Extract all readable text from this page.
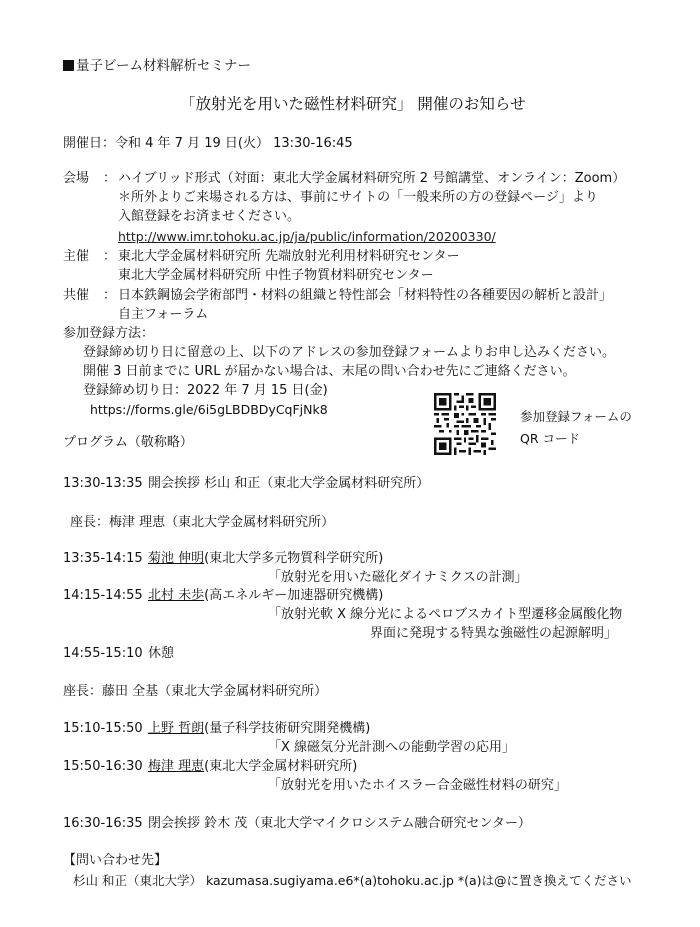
量子ビーム材料解析セミナー
「放射光を用いた磁性材料研究」 開催のお知らせ
開催日：令和 4 年 7 月 19 日(火） 13:30-16:45
会場 ： ハイブリッド形式（対面：東北大学金属材料研究所 2 号館講堂、オンライン：Zoom）
＊所外よりご来場される方は、事前にサイトの「一般来所の方の登録ページ」より
入館登録をお済ませください。
http://www.imr.tohoku.ac.jp/ja/public/information/20200330/
主催 ： 東北大学金属材料研究所 先端放射光利用材料研究センター
東北大学金属材料研究所 中性子物質材料研究センター
共催 ： 日本鉄鋼協会学術部門・材料の組織と特性部会「材料特性の各種要因の解析と設計」
自主フォーラム
参加登録方法：
登録締め切り日に留意の上、以下のアドレスの参加登録フォームよりお申し込みください。
開催 3 日前までに URL が届かない場合は、末尾の問い合わせ先にご連絡ください。
登録締め切り日：2022 年 7 月 15 日(金)
https://forms.gle/6i5gLBDBDyCqFjNk8	参加登録フォームの
QR コード
プログラム（敬称略）
13:30-13:35 開会挨拶 杉山 和正（東北大学金属材料研究所）
座長：梅津 理恵（東北大学金属材料研究所）
13:35-14:15 菊池 伸明(東北大学多元物質科学研究所)
「放射光を用いた磁化ダイナミクスの計測」
14:15-14:55 北村 未歩(高エネルギー加速器研究機構)
「放射光軟 X 線分光によるペロブスカイト型遷移金属酸化物
界面に発現する特異な強磁性の起源解明」
14:55-15:10 休憩
座長：藤田 全基（東北大学金属材料研究所）
15:10-15:50 上野 哲朗(量子科学技術研究開発機構)
「X 線磁気分光計測への能動学習の応用」
15:50-16:30 梅津 理恵(東北大学金属材料研究所)
「放射光を用いたホイスラー合金磁性材料の研究」
16:30-16:35 閉会挨拶 鈴木 茂（東北大学マイクロシステム融合研究センター）
【問い合わせ先】
杉山 和正（東北大学） kazumasa.sugiyama.e6*(a)tohoku.ac.jp *(a)は@に置き換えてください
